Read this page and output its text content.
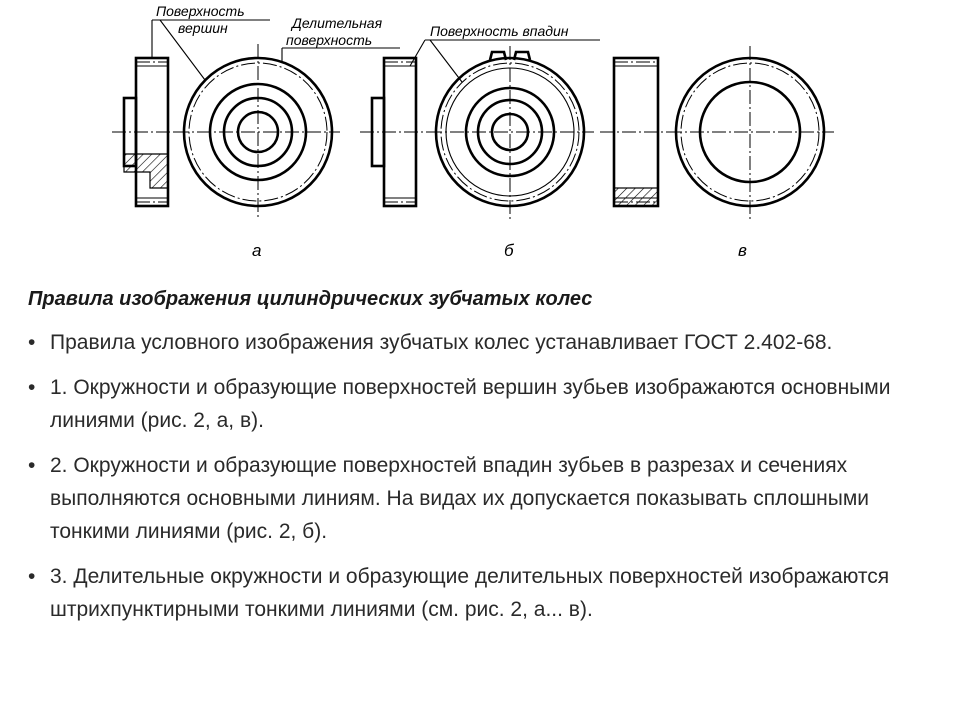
Поверхность
вершин	Делительная
поверхность
Поверхность впадин
а	б	в
Правила изображения цилиндрических зубчатых колес
• Правила условного изображения зубчатых колес устанавливает ГОСТ 2.402-68.
• 1. Окружности и образующие поверхностей вершин зубьев изображаются основными линиями (рис. 2, а, в).
• 2. Окружности и образующие поверхностей впадин зубьев в разрезах и сечениях выполняются основными линиям. На видах их допускается показывать сплошными тонкими линиями (рис. 2, б).
• 3. Делительные окружности и образующие делительных поверхностей изображаются штрихпунктирными тонкими линиями (см. рис. 2, а... в).
